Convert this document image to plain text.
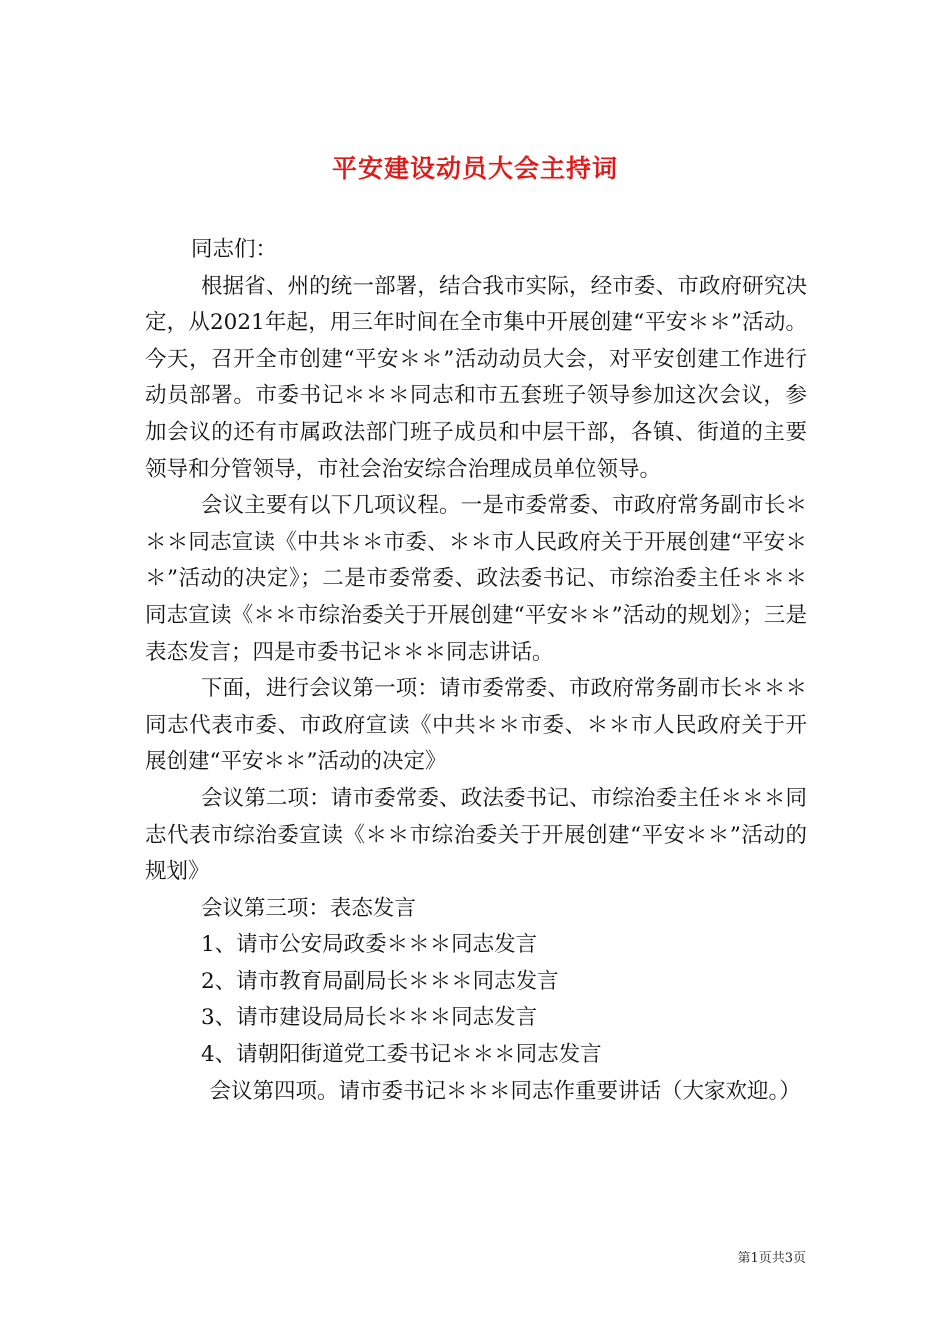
平安建设动员大会主持词

同志们：

根据省、州的统一部署，结合我市实际，经市委、市政府研究决定，从2021年起，用三年时间在全市集中开展创建“平安＊＊”活动。今天，召开全市创建“平安＊＊”活动动员大会，对平安创建工作进行动员部署。市委书记＊＊＊同志和市五套班子领导参加这次会议，参加会议的还有市属政法部门班子成员和中层干部，各镇、街道的主要领导和分管领导，市社会治安综合治理成员单位领导。

会议主要有以下几项议程。一是市委常委、市政府常务副市长＊＊＊同志宣读《中共＊＊市委、＊＊市人民政府关于开展创建“平安＊＊”活动的决定》；二是市委常委、政法委书记、市综治委主任＊＊＊同志宣读《＊＊市综治委关于开展创建“平安＊＊”活动的规划》；三是表态发言；四是市委书记＊＊＊同志讲话。

下面，进行会议第一项：请市委常委、市政府常务副市长＊＊＊同志代表市委、市政府宣读《中共＊＊市委、＊＊市人民政府关于开展创建“平安＊＊”活动的决定》

会议第二项：请市委常委、政法委书记、市综治委主任＊＊＊同志代表市综治委宣读《＊＊市综治委关于开展创建“平安＊＊”活动的规划》

会议第三项：表态发言

1、请市公安局政委＊＊＊同志发言

2、请市教育局副局长＊＊＊同志发言

3、请市建设局局长＊＊＊同志发言

4、请朝阳街道党工委书记＊＊＊同志发言

会议第四项。请市委书记＊＊＊同志作重要讲话（大家欢迎。）

第1页共3页
